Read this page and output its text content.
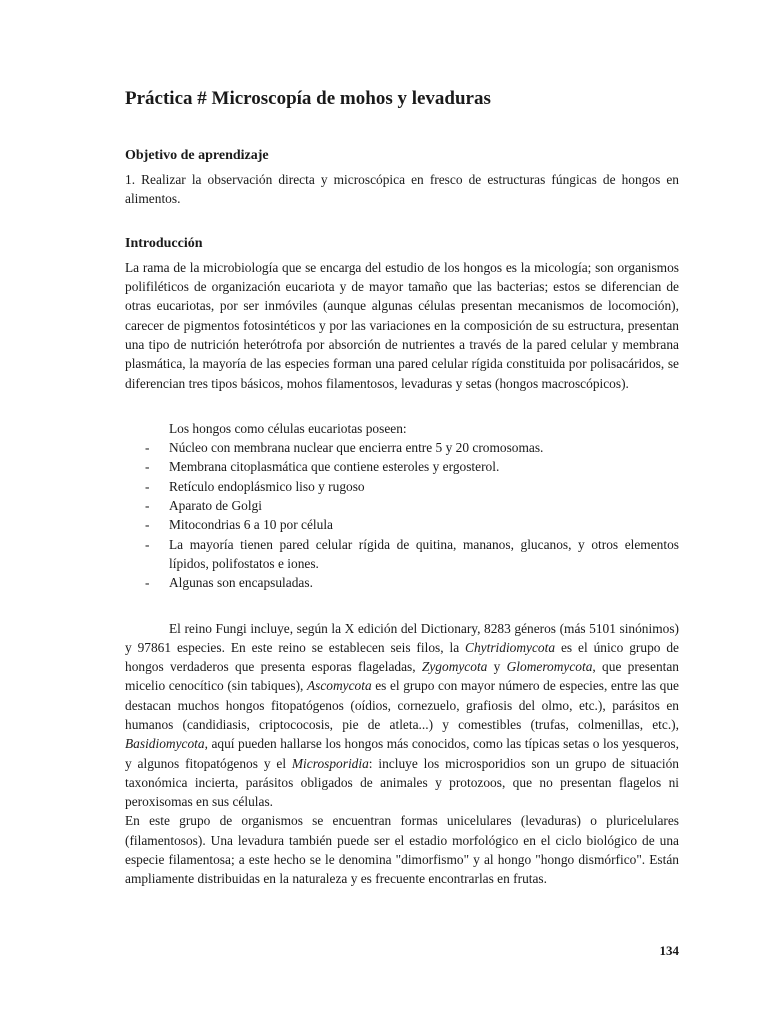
Práctica # Microscopía de mohos y levaduras
Objetivo de aprendizaje

1. Realizar la observación directa y microscópica en fresco de estructuras fúngicas de hongos en alimentos.

Introducción

La rama de la microbiología que se encarga del estudio de los hongos es la micología; son organismos polifiléticos de organización eucariota y de mayor tamaño que las bacterias; estos se diferencian de otras eucariotas, por ser inmóviles (aunque algunas células presentan mecanismos de locomoción), carecer de pigmentos fotosintéticos y por las variaciones en la composición de su estructura, presentan una tipo de nutrición heterótrofa por absorción de nutrientes a través de la pared celular y membrana plasmática, la mayoría de las especies forman una pared celular rígida constituida por polisacáridos, se diferencian tres tipos básicos, mohos filamentosos, levaduras y setas (hongos macroscópicos).

Los hongos como células eucariotas poseen:

- Núcleo con membrana nuclear que encierra entre 5 y 20 cromosomas.
- Membrana citoplasmática que contiene esteroles y ergosterol.
- Retículo endoplásmico liso y rugoso
- Aparato de Golgi
- Mitocondrias 6 a 10 por célula
- La mayoría tienen pared celular rígida de quitina, mananos, glucanos, y otros elementos lípidos, polifostatos e iones.
- Algunas son encapsuladas.

El reino Fungi incluye, según la X edición del Dictionary, 8283 géneros (más 5101 sinónimos) y 97861 especies. En este reino se establecen seis filos, la Chytridiomycota es el único grupo de hongos verdaderos que presenta esporas flageladas, Zygomycota y Glomeromycota, que presentan micelio cenocítico (sin tabiques), Ascomycota es el grupo con mayor número de especies, entre las que destacan muchos hongos fitopatógenos (oídios, cornezuelo, grafiosis del olmo, etc.), parásitos en humanos (candidiasis, criptococosis, pie de atleta...) y comestibles (trufas, colmenillas, etc.), Basidiomycota, aquí pueden hallarse los hongos más conocidos, como las típicas setas o los yesqueros, y algunos fitopatógenos y el Microsporidia: incluye los microsporidios son un grupo de situación taxonómica incierta, parásitos obligados de animales y protozoos, que no presentan flagelos ni peroxisomas en sus células.

En este grupo de organismos se encuentran formas unicelulares (levaduras) o pluricelulares (filamentosos). Una levadura también puede ser el estadio morfológico en el ciclo biológico de una especie filamentosa; a este hecho se le denomina "dimorfismo" y al hongo "hongo dismórfico". Están ampliamente distribuidas en la naturaleza y es frecuente encontrarlas en frutas.

134
